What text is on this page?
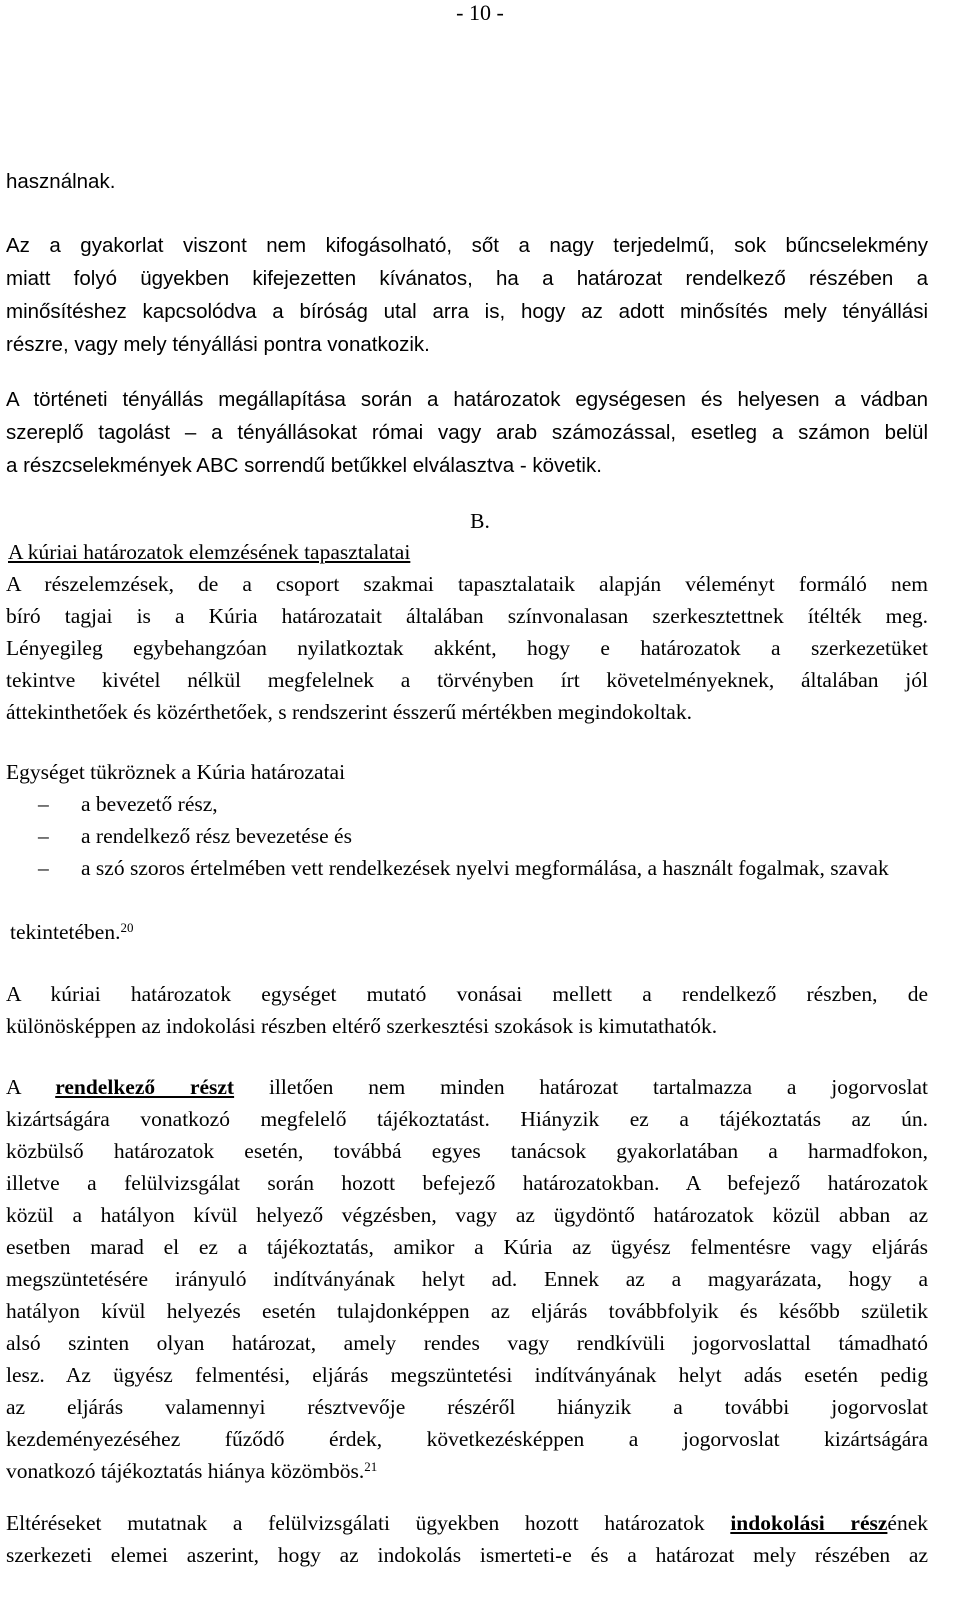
- 10 -
használnak.
Az a gyakorlat viszont nem kifogásolható, sőt a nagy terjedelmű, sok bűncselekmény
miatt folyó ügyekben kifejezetten kívánatos, ha a határozat rendelkező részében a
minősítéshez kapcsolódva a bíróság utal arra is, hogy az adott minősítés mely tényállási
részre, vagy mely tényállási pontra vonatkozik.
A történeti tényállás megállapítása során a határozatok egységesen és helyesen a vádban
szereplő tagolást – a tényállásokat római vagy arab számozással, esetleg a számon belül
a részcselekmények ABC sorrendű betűkkel elválasztva - követik.
B.
A kúriai határozatok elemzésének tapasztalatai
A részelemzések, de a csoport szakmai tapasztalataik alapján véleményt formáló nem
bíró tagjai is a Kúria határozatait általában színvonalasan szerkesztettnek ítélték meg.
Lényegileg egybehangzóan nyilatkoztak akként, hogy e határozatok a szerkezetüket
tekintve kivétel nélkül megfelelnek a törvényben írt követelményeknek, általában jól
áttekinthetőek és közérthetőek, s rendszerint ésszerű mértékben megindokoltak.
Egységet tükröznek a Kúria határozatai
–	a bevezető rész,
–	a rendelkező rész bevezetése és
–	a szó szoros értelmében vett rendelkezések nyelvi megformálása, a használt fogalmak, szavak
tekintetében.$^{20}$
A kúriai határozatok egységet mutató vonásai mellett a rendelkező részben, de
különösképpen az indokolási részben eltérő szerkesztési szokások is kimutathatók.
A rendelkező részt illetően nem minden határozat tartalmazza a jogorvoslat
kizártságára vonatkozó megfelelő tájékoztatást. Hiányzik ez a tájékoztatás az ún.
közbülső határozatok esetén, továbbá egyes tanácsok gyakorlatában a harmadfokon,
illetve a felülvizsgálat során hozott befejező határozatokban. A befejező határozatok
közül a hatályon kívül helyező végzésben, vagy az ügydöntő határozatok közül abban az
esetben marad el ez a tájékoztatás, amikor a Kúria az ügyész felmentésre vagy eljárás
megszüntetésére irányuló indítványának helyt ad. Ennek az a magyarázata, hogy a
hatályon kívül helyezés esetén tulajdonképpen az eljárás továbbfolyik és később születik
alsó szinten olyan határozat, amely rendes vagy rendkívüli jogorvoslattal támadható
lesz. Az ügyész felmentési, eljárás megszüntetési indítványának helyt adás esetén pedig
az eljárás valamennyi résztvevője részéről hiányzik a további jogorvoslat
kezdeményezéséhez fűződő érdek, következésképpen a jogorvoslat kizártságára
vonatkozó tájékoztatás hiánya közömbös.$^{21}$
Eltéréseket mutatnak a felülvizsgálati ügyekben hozott határozatok indokolási részének
szerkezeti elemei aszerint, hogy az indokolás ismerteti-e és a határozat mely részében az
